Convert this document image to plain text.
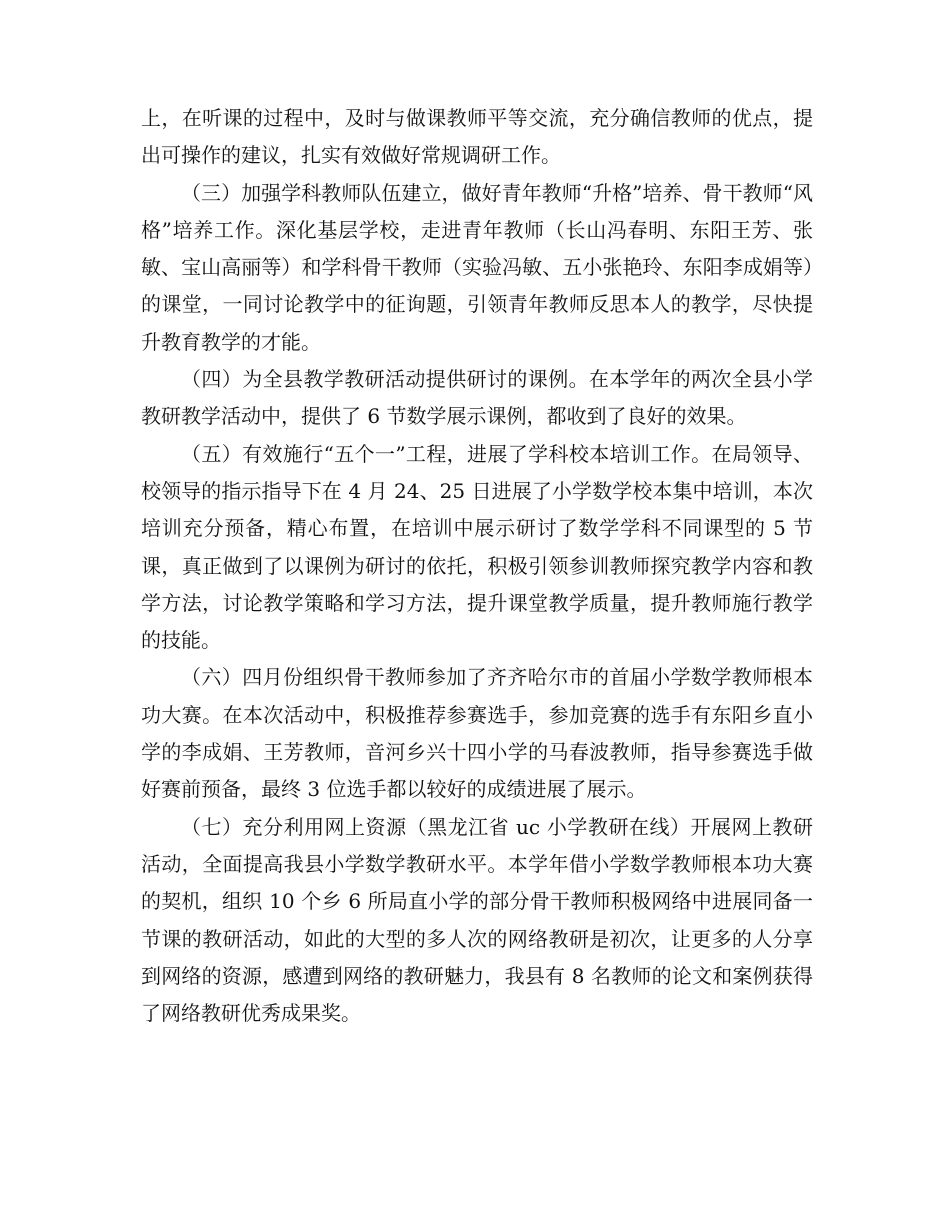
上，在听课的过程中，及时与做课教师平等交流，充分确信教师的优点，提出可操作的建议，扎实有效做好常规调研工作。

（三）加强学科教师队伍建立，做好青年教师“升格”培养、骨干教师“风格”培养工作。深化基层学校，走进青年教师（长山冯春明、东阳王芳、张敏、宝山高丽等）和学科骨干教师（实验冯敏、五小张艳玲、东阳李成娟等）的课堂，一同讨论教学中的征询题，引领青年教师反思本人的教学，尽快提升教育教学的才能。

（四）为全县教学教研活动提供研讨的课例。在本学年的两次全县小学教研教学活动中，提供了 6 节数学展示课例，都收到了良好的效果。

（五）有效施行“五个一”工程，进展了学科校本培训工作。在局领导、校领导的指示指导下在 4 月 24、25 日进展了小学数学校本集中培训，本次培训充分预备，精心布置，在培训中展示研讨了数学学科不同课型的 5 节课，真正做到了以课例为研讨的依托，积极引领参训教师探究教学内容和教学方法，讨论教学策略和学习方法，提升课堂教学质量，提升教师施行教学的技能。

（六）四月份组织骨干教师参加了齐齐哈尔市的首届小学数学教师根本功大赛。在本次活动中，积极推荐参赛选手，参加竞赛的选手有东阳乡直小学的李成娟、王芳教师，音河乡兴十四小学的马春波教师，指导参赛选手做好赛前预备，最终 3 位选手都以较好的成绩进展了展示。

（七）充分利用网上资源（黑龙江省 uc 小学教研在线）开展网上教研活动，全面提高我县小学数学教研水平。本学年借小学数学教师根本功大赛的契机，组织 10 个乡 6 所局直小学的部分骨干教师积极网络中进展同备一节课的教研活动，如此的大型的多人次的网络教研是初次，让更多的人分享到网络的资源，感遭到网络的教研魅力，我县有 8 名教师的论文和案例获得了网络教研优秀成果奖。
